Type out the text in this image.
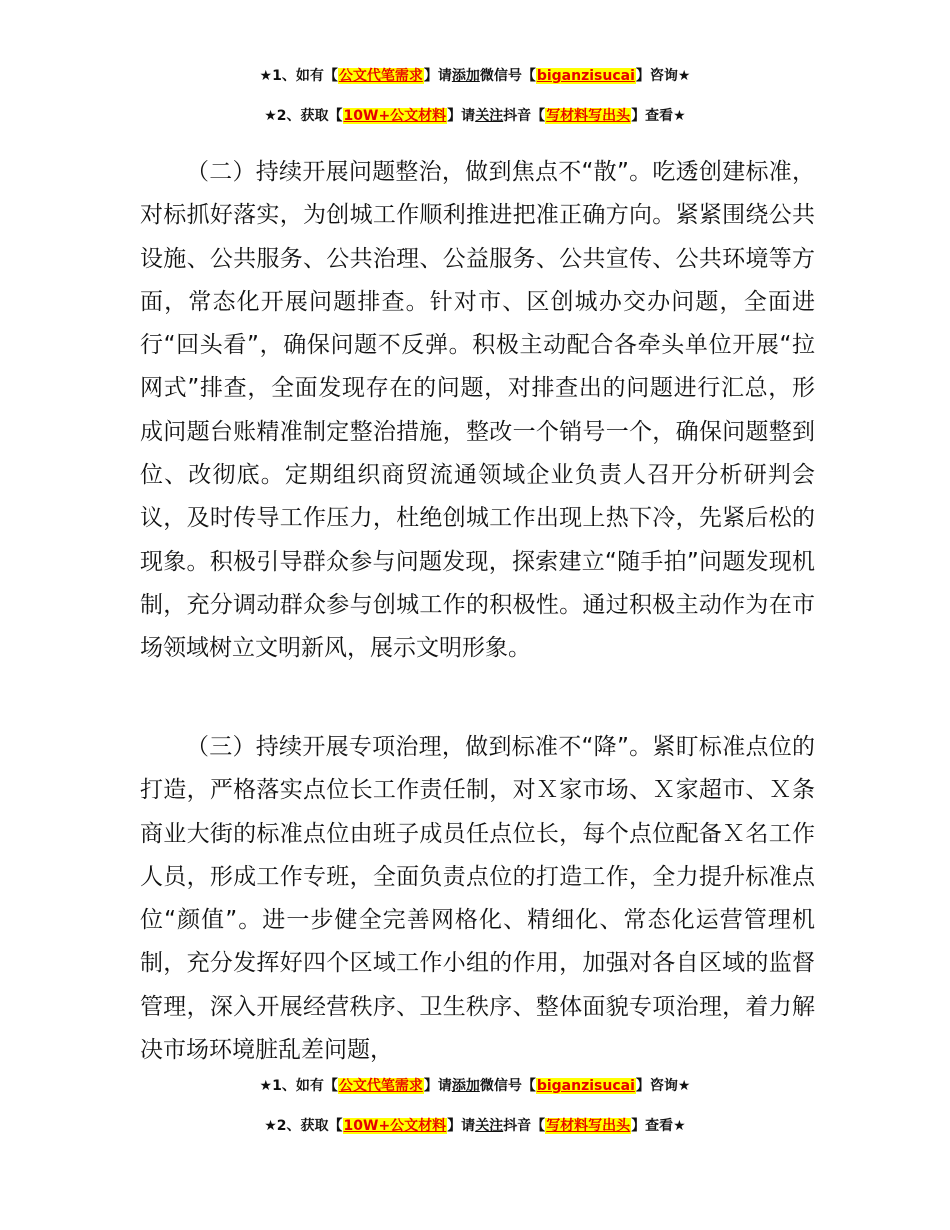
★1、如有【公文代笔需求】请添加微信号【biganzisucai】咨询★
★2、获取【10W+公文材料】请关注抖音【写材料写出头】查看★

（二）持续开展问题整治，做到焦点不“散”。吃透创建标准，对标抓好落实，为创城工作顺利推进把准正确方向。紧紧围绕公共设施、公共服务、公共治理、公益服务、公共宣传、公共环境等方面，常态化开展问题排查。针对市、区创城办交办问题，全面进行“回头看”，确保问题不反弹。积极主动配合各牵头单位开展“拉网式”排查，全面发现存在的问题，对排查出的问题进行汇总，形成问题台账精准制定整治措施，整改一个销号一个，确保问题整到位、改彻底。定期组织商贸流通领域企业负责人召开分析研判会议，及时传导工作压力，杜绝创城工作出现上热下冷，先紧后松的现象。积极引导群众参与问题发现，探索建立“随手拍”问题发现机制，充分调动群众参与创城工作的积极性。通过积极主动作为在市场领域树立文明新风，展示文明形象。

（三）持续开展专项治理，做到标准不“降”。紧盯标准点位的打造，严格落实点位长工作责任制，对Ｘ家市场、Ｘ家超市、Ｘ条商业大街的标准点位由班子成员任点位长，每个点位配备Ｘ名工作人员，形成工作专班，全面负责点位的打造工作，全力提升标准点位“颜值”。进一步健全完善网格化、精细化、常态化运营管理机制，充分发挥好四个区域工作小组的作用，加强对各自区域的监督管理，深入开展经营秩序、卫生秩序、整体面貌专项治理，着力解决市场环境脏乱差问题，

★1、如有【公文代笔需求】请添加微信号【biganzisucai】咨询★
★2、获取【10W+公文材料】请关注抖音【写材料写出头】查看★
